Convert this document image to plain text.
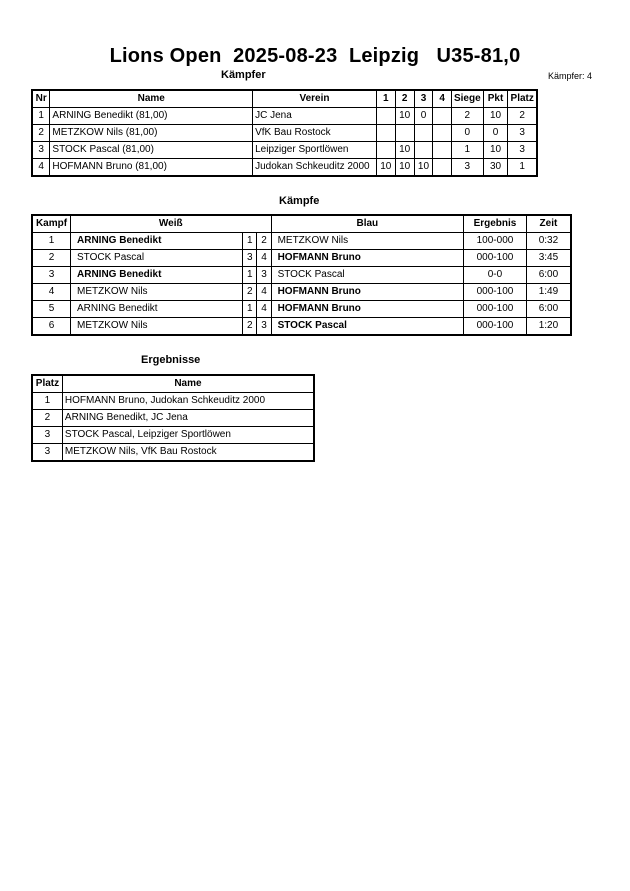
Lions Open 2025-08-23 Leipzig U35-81,0
Kämpfer: 4
Kämpfer
Nr	Name	Verein	1	2	3	4	Siege	Pkt	Platz
1	ARNING Benedikt (81,00)	JC Jena		10	0		2	10	2
2	METZKOW Nils (81,00)	VfK Bau Rostock					0	0	3
3	STOCK Pascal (81,00)	Leipziger Sportlöwen		10			1	10	3
4	HOFMANN Bruno (81,00)	Judokan Schkeuditz 2000	10	10	10		3	30	1
Kämpfe
Kampf	Weiß			Blau	Ergebnis	Zeit
1	ARNING Benedikt	1	2	METZKOW Nils	100-000	0:32
2	STOCK Pascal	3	4	HOFMANN Bruno	000-100	3:45
3	ARNING Benedikt	1	3	STOCK Pascal	0-0	6:00
4	METZKOW Nils	2	4	HOFMANN Bruno	000-100	1:49
5	ARNING Benedikt	1	4	HOFMANN Bruno	000-100	6:00
6	METZKOW Nils	2	3	STOCK Pascal	000-100	1:20
Ergebnisse
Platz	Name
1	HOFMANN Bruno, Judokan Schkeuditz 2000
2	ARNING Benedikt, JC Jena
3	STOCK Pascal, Leipziger Sportlöwen
3	METZKOW Nils, VfK Bau Rostock
